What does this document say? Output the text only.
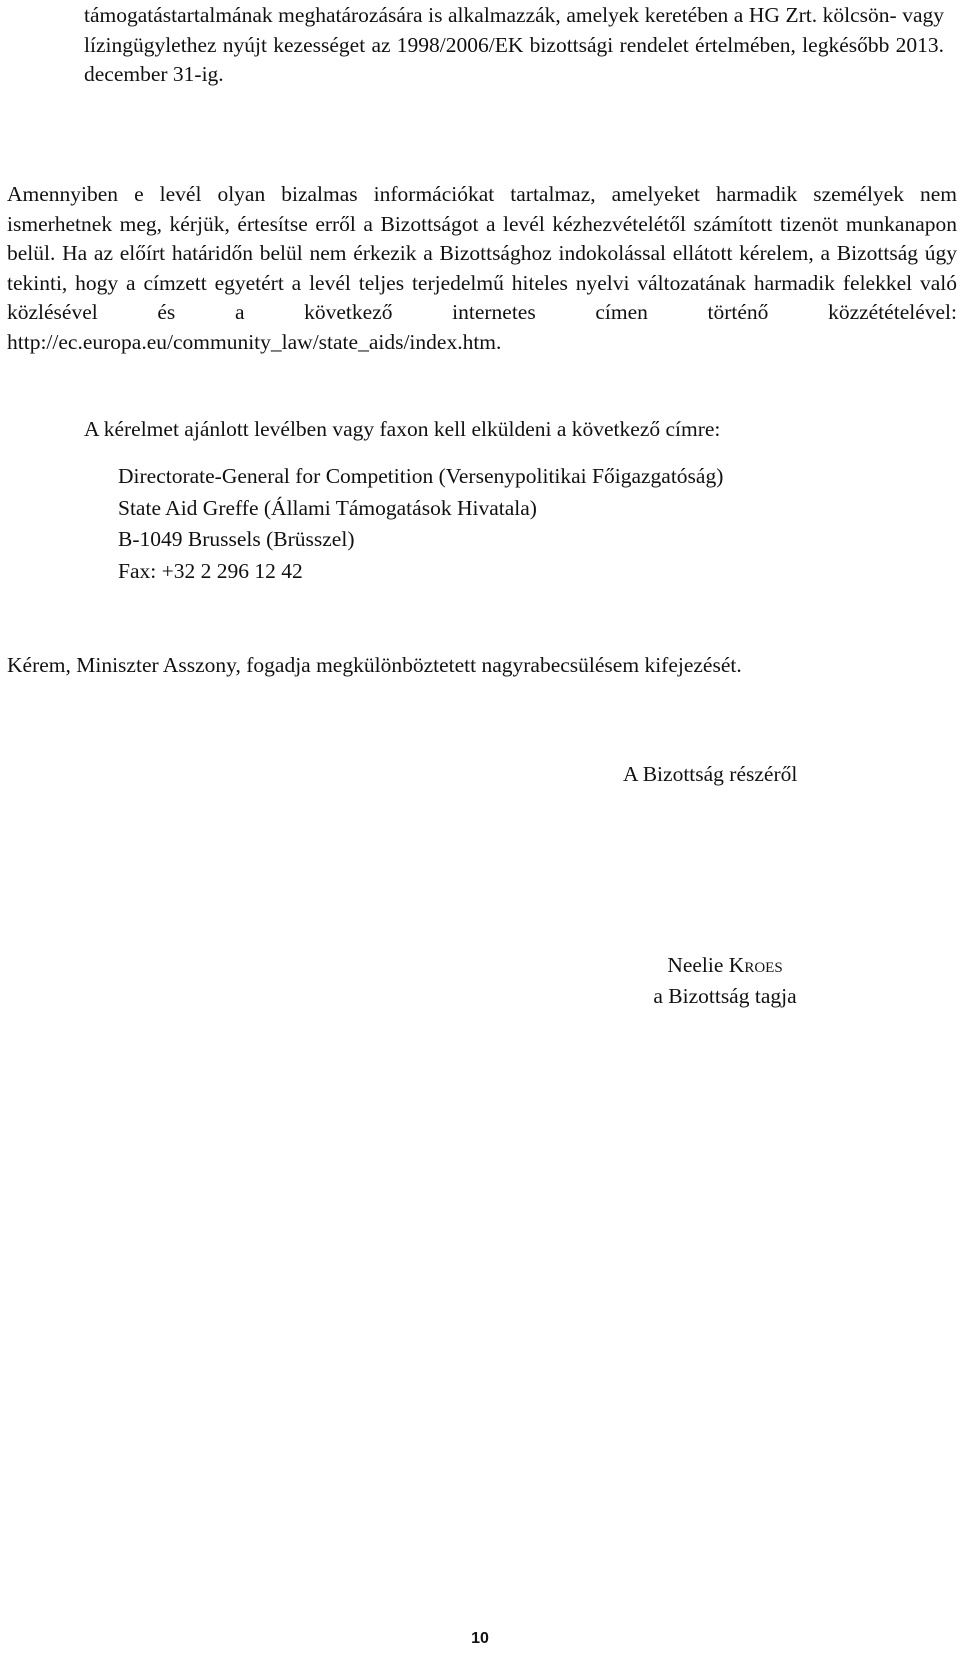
támogatástartalmának meghatározására is alkalmazzák, amelyek keretében a HG Zrt. kölcsön- vagy lízingügylethez nyújt kezességet az 1998/2006/EK bizottsági rendelet értelmében, legkésőbb 2013. december 31-ig.

Amennyiben e levél olyan bizalmas információkat tartalmaz, amelyeket harmadik személyek nem ismerhetnek meg, kérjük, értesítse erről a Bizottságot a levél kézhezvételétől számított tizenöt munkanapon belül. Ha az előírt határidőn belül nem érkezik a Bizottsághoz indokolással ellátott kérelem, a Bizottság úgy tekinti, hogy a címzett egyetért a levél teljes terjedelmű hiteles nyelvi változatának harmadik felekkel való közlésével és a következő internetes címen történő közzétételével: http://ec.europa.eu/community_law/state_aids/index.htm.

A kérelmet ajánlott levélben vagy faxon kell elküldeni a következő címre:

Directorate-General for Competition (Versenypolitikai Főigazgatóság)
State Aid Greffe (Állami Támogatások Hivatala)
B-1049 Brussels (Brüsszel)
Fax: +32 2 296 12 42

Kérem, Miniszter Asszony, fogadja megkülönböztetett nagyrabecsülésem kifejezését.

A Bizottság részéről

Neelie Kroes
a Bizottság tagja
10
